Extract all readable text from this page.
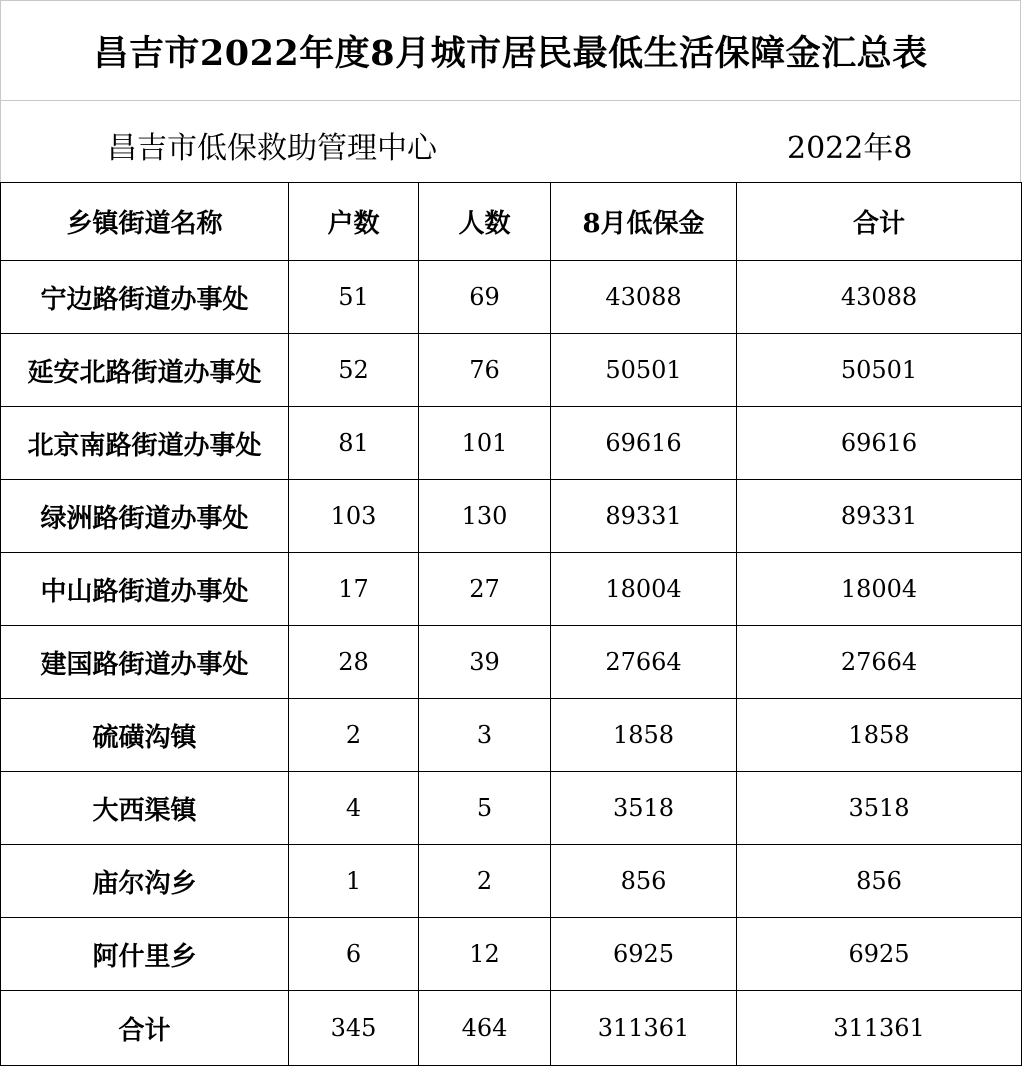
昌吉市2022年度8月城市居民最低生活保障金汇总表
昌吉市低保救助管理中心	2022年8
乡镇街道名称	户数	人数	8月低保金	合计
宁边路街道办事处	51	69	43088	43088
延安北路街道办事处	52	76	50501	50501
北京南路街道办事处	81	101	69616	69616
绿洲路街道办事处	103	130	89331	89331
中山路街道办事处	17	27	18004	18004
建国路街道办事处	28	39	27664	27664
硫磺沟镇	2	3	1858	1858
大西渠镇	4	5	3518	3518
庙尔沟乡	1	2	856	856
阿什里乡	6	12	6925	6925
合计	345	464	311361	311361
